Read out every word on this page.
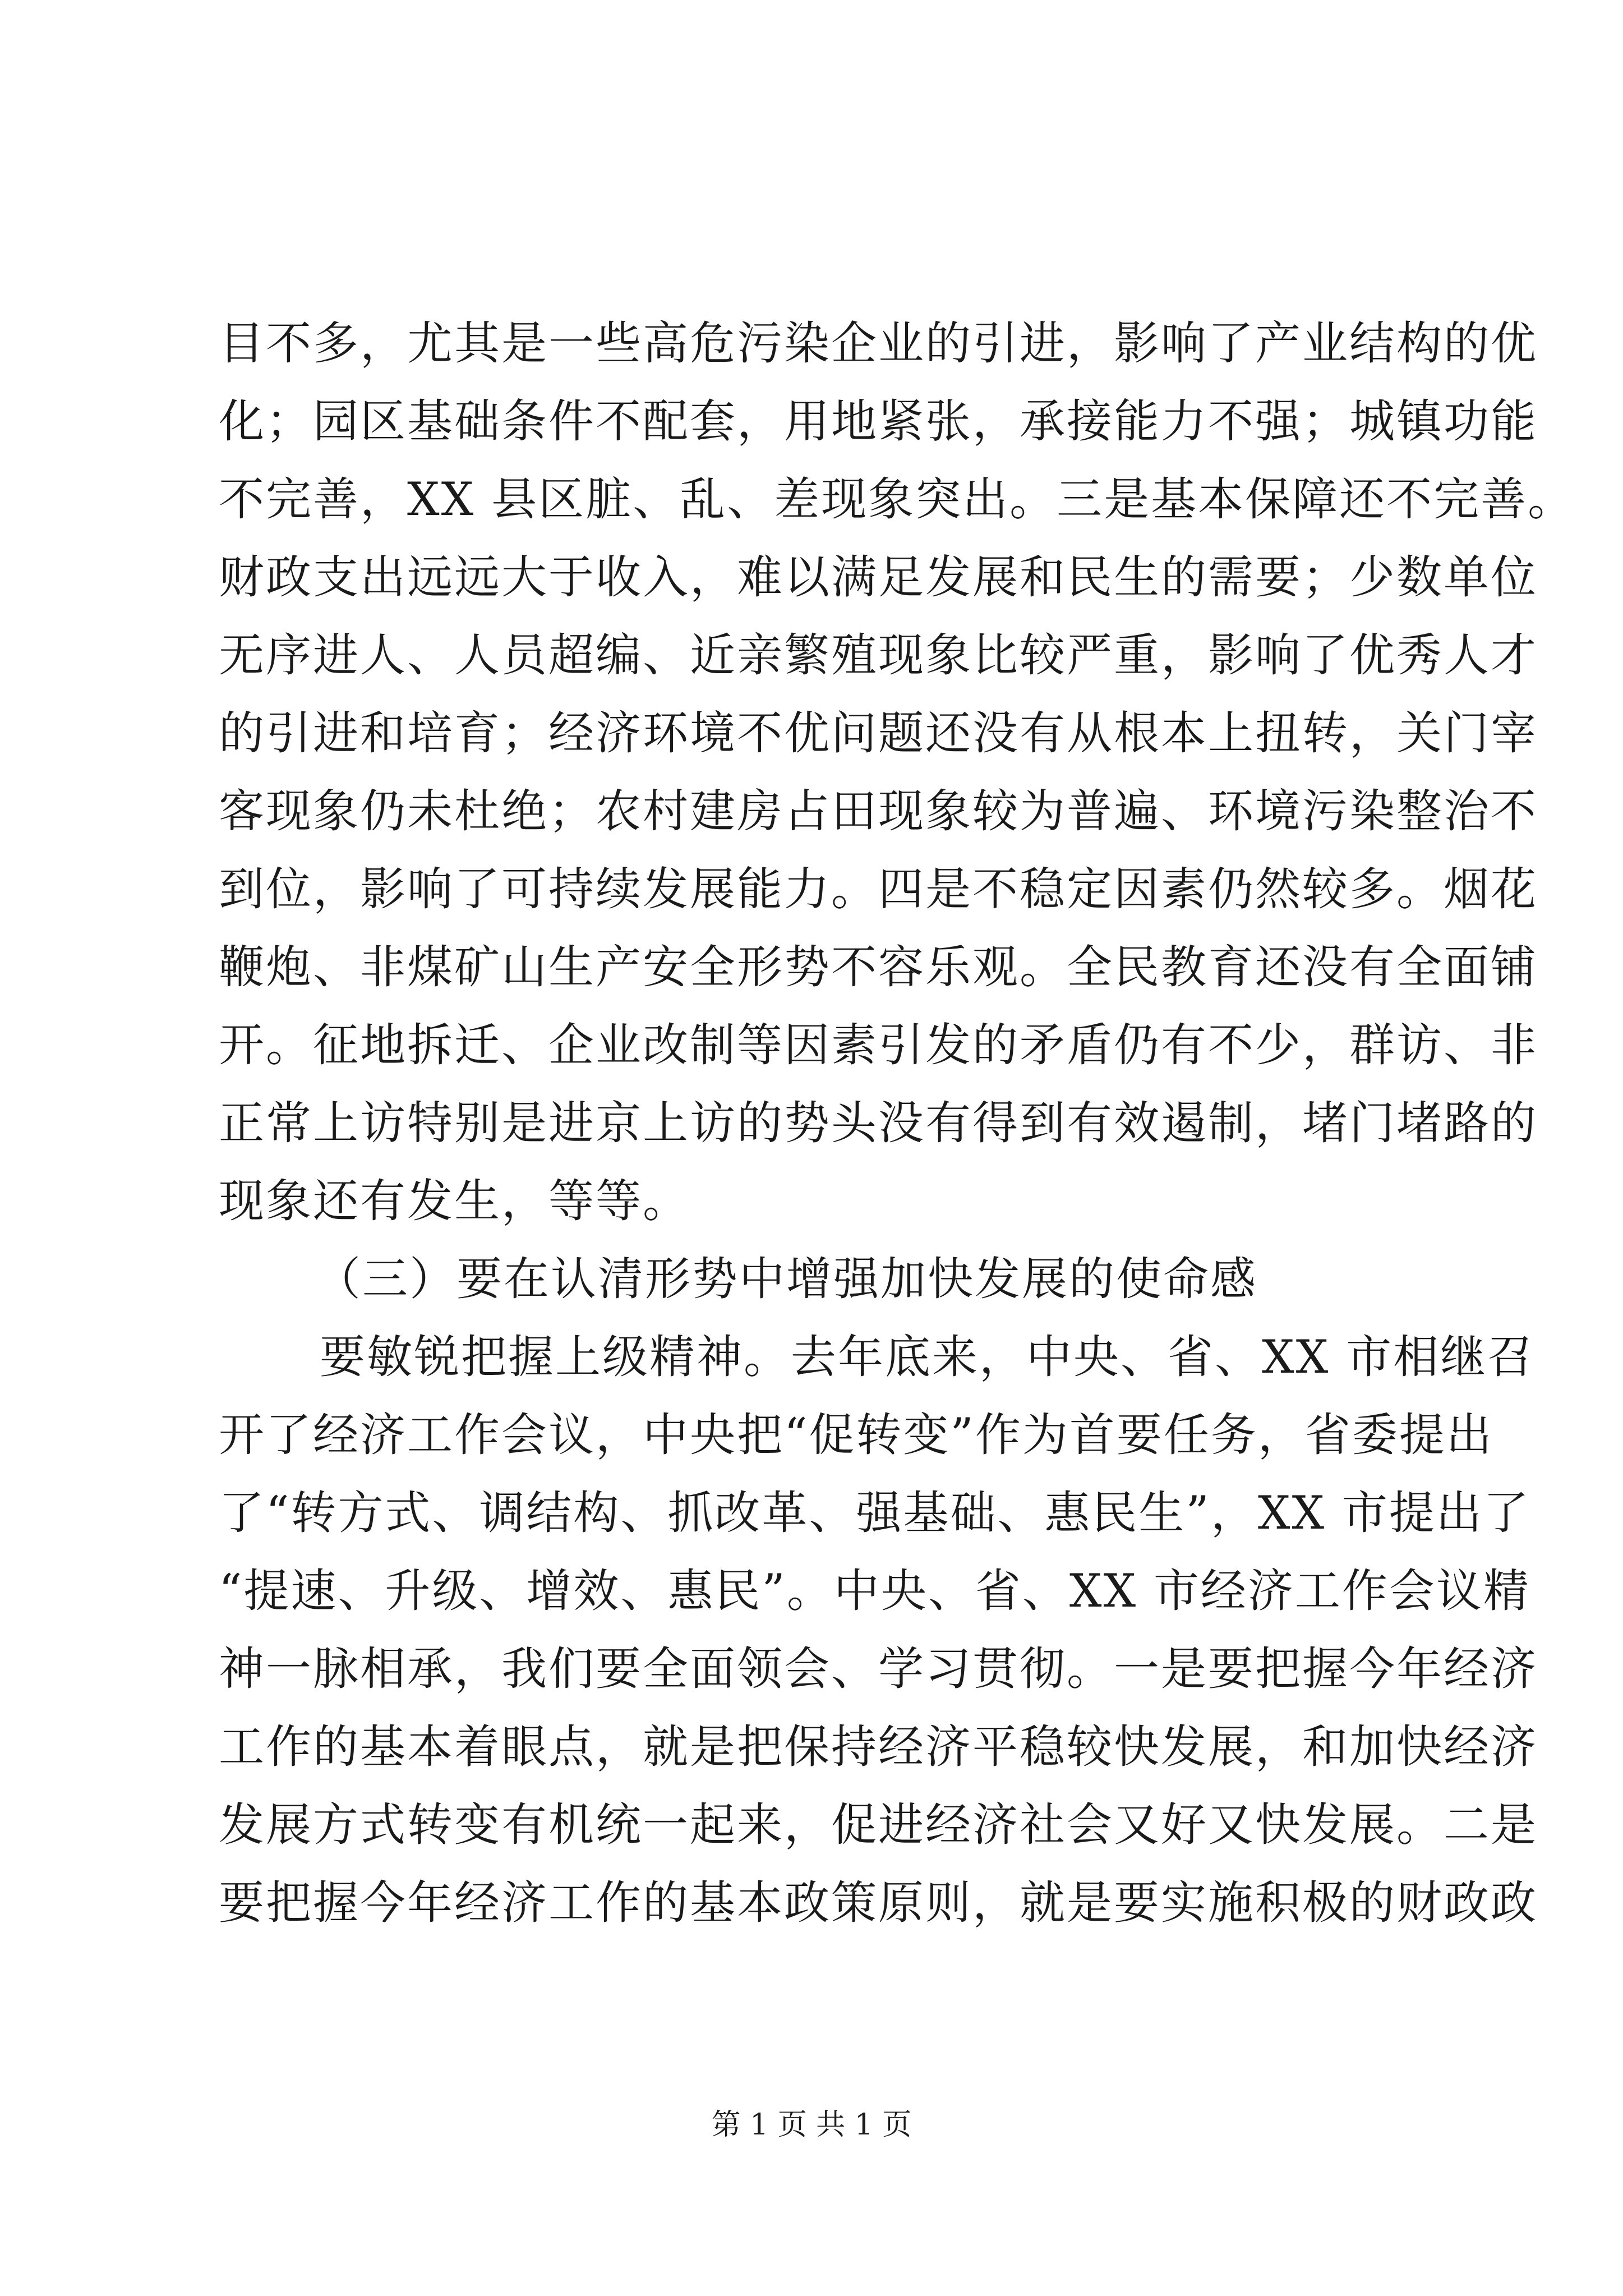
目不多，尤其是一些高危污染企业的引进，影响了产业结构的优
化；园区基础条件不配套，用地紧张，承接能力不强；城镇功能
不完善，XX 县区脏、乱、差现象突出。三是基本保障还不完善。
财政支出远远大于收入，难以满足发展和民生的需要；少数单位
无序进人、人员超编、近亲繁殖现象比较严重，影响了优秀人才
的引进和培育；经济环境不优问题还没有从根本上扭转，关门宰
客现象仍未杜绝；农村建房占田现象较为普遍、环境污染整治不
到位，影响了可持续发展能力。四是不稳定因素仍然较多。烟花
鞭炮、非煤矿山生产安全形势不容乐观。全民教育还没有全面铺
开。征地拆迁、企业改制等因素引发的矛盾仍有不少，群访、非
正常上访特别是进京上访的势头没有得到有效遏制，堵门堵路的
现象还有发生，等等。
（三）要在认清形势中增强加快发展的使命感
要敏锐把握上级精神。去年底来，中央、省、XX 市相继召
开了经济工作会议，中央把“促转变”作为首要任务，省委提出
了“转方式、调结构、抓改革、强基础、惠民生”，XX 市提出了
“提速、升级、增效、惠民”。中央、省、XX 市经济工作会议精
神一脉相承，我们要全面领会、学习贯彻。一是要把握今年经济
工作的基本着眼点，就是把保持经济平稳较快发展，和加快经济
发展方式转变有机统一起来，促进经济社会又好又快发展。二是
要把握今年经济工作的基本政策原则，就是要实施积极的财政政
第 1 页 共 1 页
